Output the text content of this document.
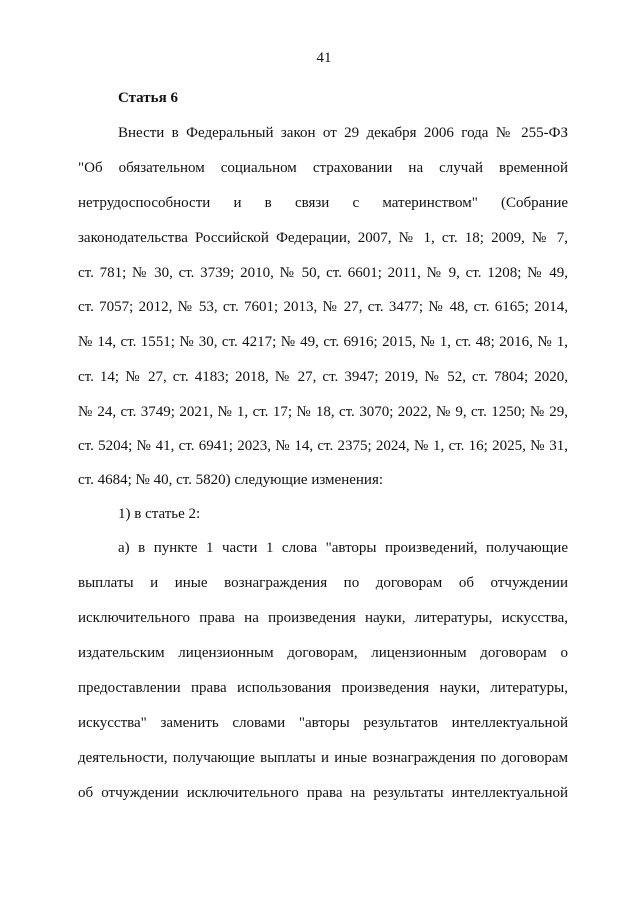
41
Статья 6
Внести в Федеральный закон от 29 декабря 2006 года № 255-ФЗ
"Об обязательном социальном страховании на случай временной
нетрудоспособности и в связи с материнством" (Собрание
законодательства Российской Федерации, 2007, № 1, ст. 18; 2009, № 7,
ст. 781; № 30, ст. 3739; 2010, № 50, ст. 6601; 2011, № 9, ст. 1208; № 49,
ст. 7057; 2012, № 53, ст. 7601; 2013, № 27, ст. 3477; № 48, ст. 6165; 2014,
№ 14, ст. 1551; № 30, ст. 4217; № 49, ст. 6916; 2015, № 1, ст. 48; 2016, № 1,
ст. 14; № 27, ст. 4183; 2018, № 27, ст. 3947; 2019, № 52, ст. 7804; 2020,
№ 24, ст. 3749; 2021, № 1, ст. 17; № 18, ст. 3070; 2022, № 9, ст. 1250; № 29,
ст. 5204; № 41, ст. 6941; 2023, № 14, ст. 2375; 2024, № 1, ст. 16; 2025, № 31,
ст. 4684; № 40, ст. 5820) следующие изменения:
1) в статье 2:
а) в пункте 1 части 1 слова "авторы произведений, получающие
выплаты и иные вознаграждения по договорам об отчуждении
исключительного права на произведения науки, литературы, искусства,
издательским лицензионным договорам, лицензионным договорам о
предоставлении права использования произведения науки, литературы,
искусства" заменить словами "авторы результатов интеллектуальной
деятельности, получающие выплаты и иные вознаграждения по договорам
об отчуждении исключительного права на результаты интеллектуальной
